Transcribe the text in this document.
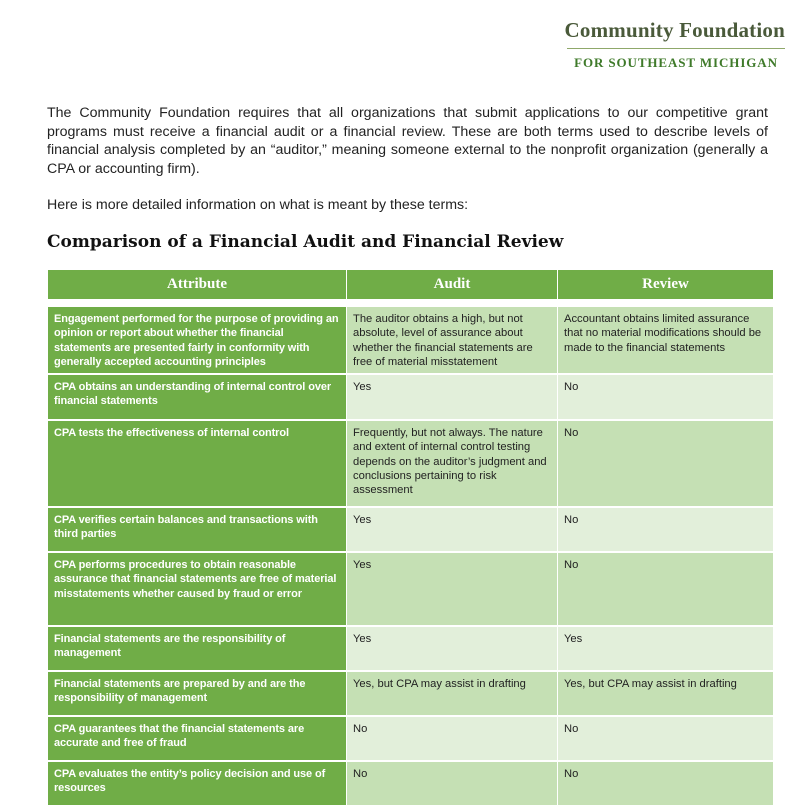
Community Foundation
FOR SOUTHEAST MICHIGAN

The Community Foundation requires that all organizations that submit applications to our competitive grant programs must receive a financial audit or a financial review. These are both terms used to describe levels of financial analysis completed by an “auditor,” meaning someone external to the nonprofit organization (generally a CPA or accounting firm).

Here is more detailed information on what is meant by these terms:

Comparison of a Financial Audit and Financial Review
Attribute	Audit	Review
Engagement performed for the purpose of providing an opinion or report about whether the financial statements are presented fairly in conformity with generally accepted accounting principles	The auditor obtains a high, but not absolute, level of assurance about whether the financial statements are free of material misstatement	Accountant obtains limited assurance that no material modifications should be made to the financial statements
CPA obtains an understanding of internal control over financial statements	Yes	No
CPA tests the effectiveness of internal control	Frequently, but not always. The nature and extent of internal control testing depends on the auditor’s judgment and conclusions pertaining to risk assessment	No
CPA verifies certain balances and transactions with third parties	Yes	No
CPA performs procedures to obtain reasonable assurance that financial statements are free of material misstatements whether caused by fraud or error	Yes	No
Financial statements are the responsibility of management	Yes	Yes
Financial statements are prepared by and are the responsibility of management	Yes, but CPA may assist in drafting	Yes, but CPA may assist in drafting
CPA guarantees that the financial statements are accurate and free of fraud	No	No
CPA evaluates the entity’s policy decision and use of resources	No	No
